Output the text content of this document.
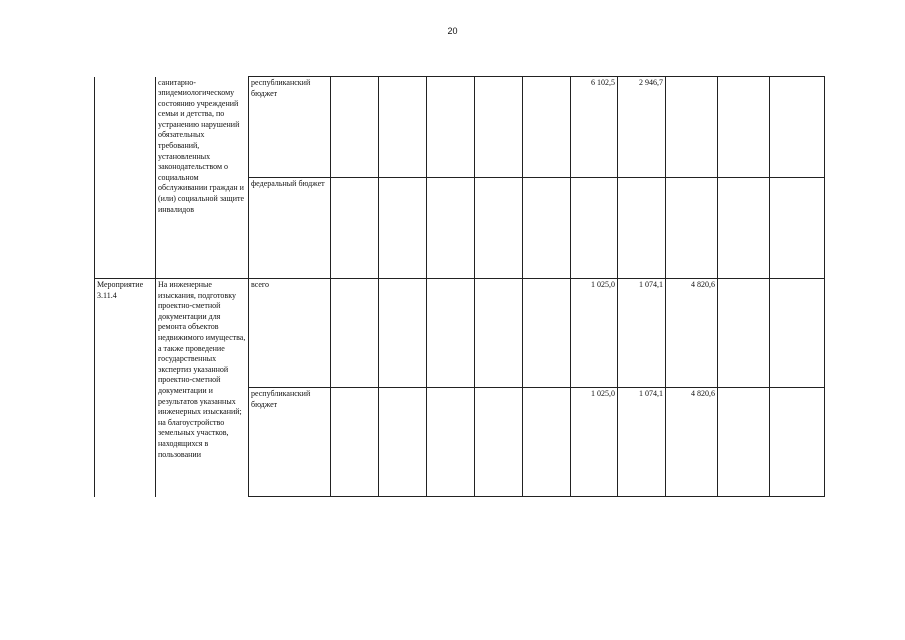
20

	санитарно-эпидемиологическому состоянию учреждений семьи и детства, по устранению нарушений обязательных требований, установленных законодательством о социальном обслуживании граждан и (или) социальной защите инвалидов	республиканский бюджет						6 102,5	2 946,7			
		федеральный бюджет										
Мероприятие 3.11.4	На инженерные изыскания, подготовку проектно-сметной документации для ремонта объектов недвижимого имущества, а также проведение государственных экспертиз указанной проектно-сметной документации и результатов указанных инженерных изысканий; на благоустройство земельных участков, находящихся в пользовании	всего						1 025,0	1 074,1	4 820,6		
		республиканский бюджет						1 025,0	1 074,1	4 820,6		
